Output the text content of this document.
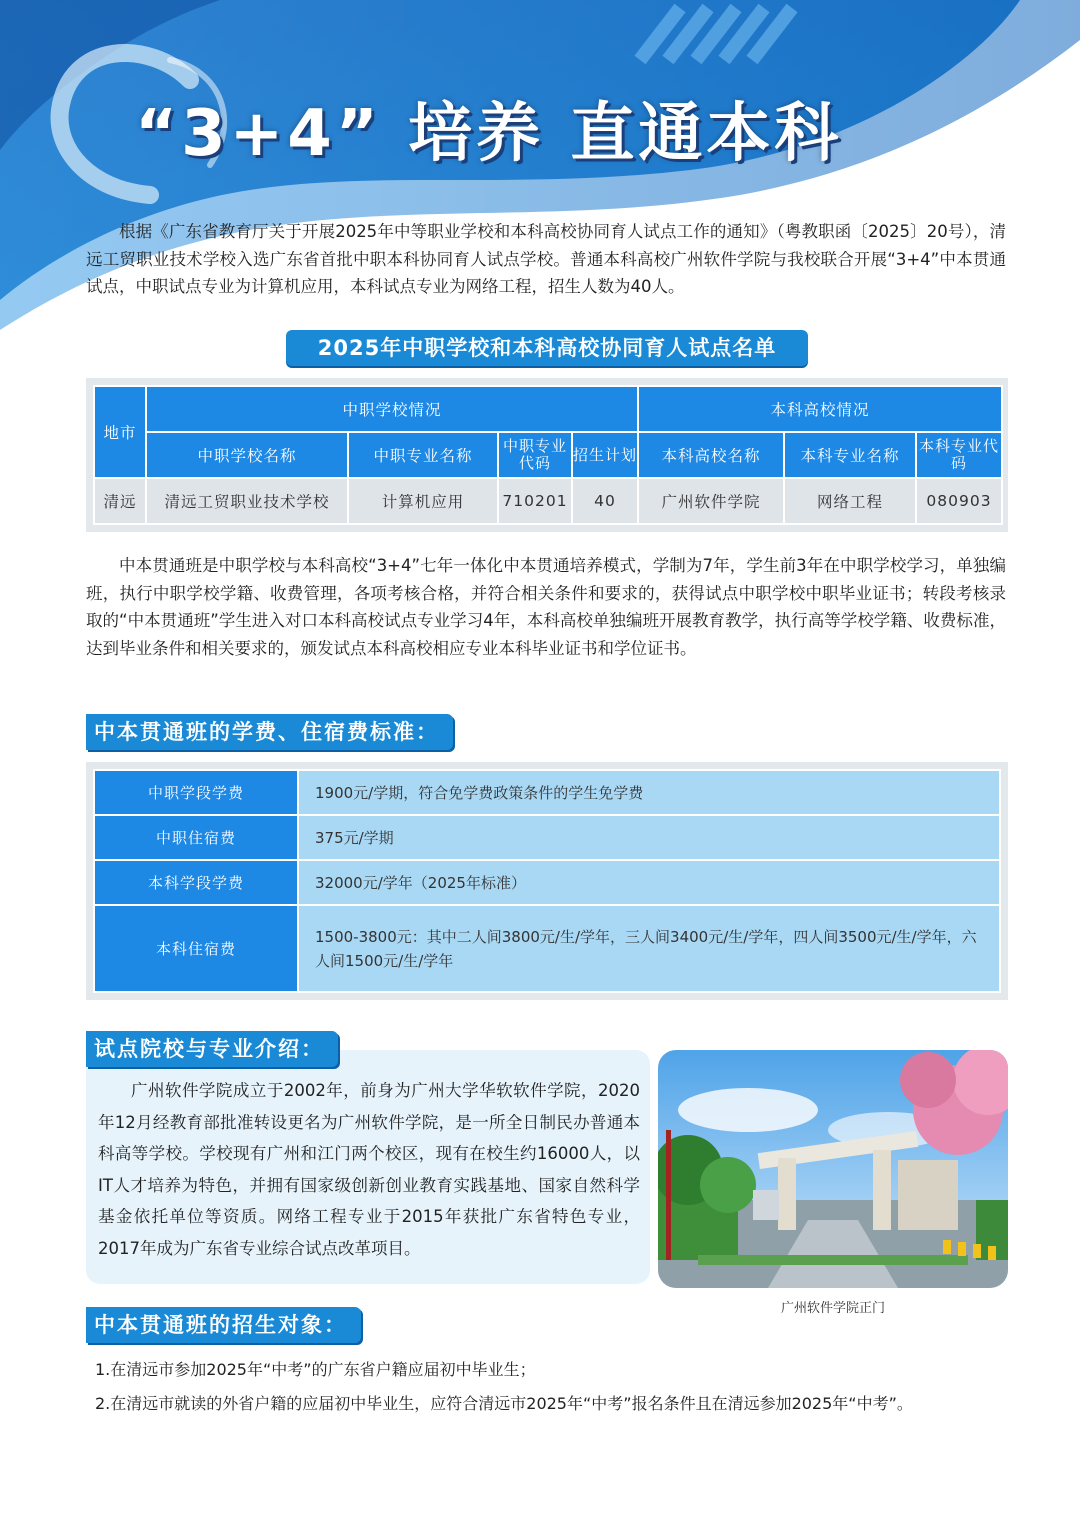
“3+4” 培养 直通本科

根据《广东省教育厅关于开展2025年中等职业学校和本科高校协同育人试点工作的通知》（粤教职函〔2025〕20号），清远工贸职业技术学校入选广东省首批中职本科协同育人试点学校。普通本科高校广州软件学院与我校联合开展“3+4”中本贯通试点，中职试点专业为计算机应用，本科试点专业为网络工程，招生人数为40人。

2025年中职学校和本科高校协同育人试点名单
地市	中职学校情况				本科高校情况		
	中职学校名称	中职专业名称	中职专业代码	招生计划	本科高校名称	本科专业名称	本科专业代码
清远	清远工贸职业技术学校	计算机应用	710201	40	广州软件学院	网络工程	080903

中本贯通班是中职学校与本科高校“3+4”七年一体化中本贯通培养模式，学制为7年，学生前3年在中职学校学习，单独编班，执行中职学校学籍、收费管理，各项考核合格，并符合相关条件和要求的，获得试点中职学校中职毕业证书；转段考核录取的“中本贯通班”学生进入对口本科高校试点专业学习4年，本科高校单独编班开展教育教学，执行高等学校学籍、收费标准，达到毕业条件和相关要求的，颁发试点本科高校相应专业本科毕业证书和学位证书。

中本贯通班的学费、住宿费标准：
中职学段学费	1900元/学期，符合免学费政策条件的学生免学费
中职住宿费	375元/学期
本科学段学费	32000元/学年（2025年标准）
本科住宿费	1500-3800元：其中二人间3800元/生/学年，三人间3400元/生/学年，四人间3500元/生/学年，六人间1500元/生/学年
试点院校与专业介绍：

广州软件学院成立于2002年，前身为广州大学华软软件学院，2020年12月经教育部批准转设更名为广州软件学院，是一所全日制民办普通本科高等学校。学校现有广州和江门两个校区，现有在校生约16000人，以IT人才培养为特色，并拥有国家级创新创业教育实践基地、国家自然科学基金依托单位等资质。网络工程专业于2015年获批广东省特色专业，2017年成为广东省专业综合试点改革项目。

广州软件学院正门
中本贯通班的招生对象：
1.在清远市参加2025年“中考”的广东省户籍应届初中毕业生；
2.在清远市就读的外省户籍的应届初中毕业生，应符合清远市2025年“中考”报名条件且在清远参加2025年“中考”。
